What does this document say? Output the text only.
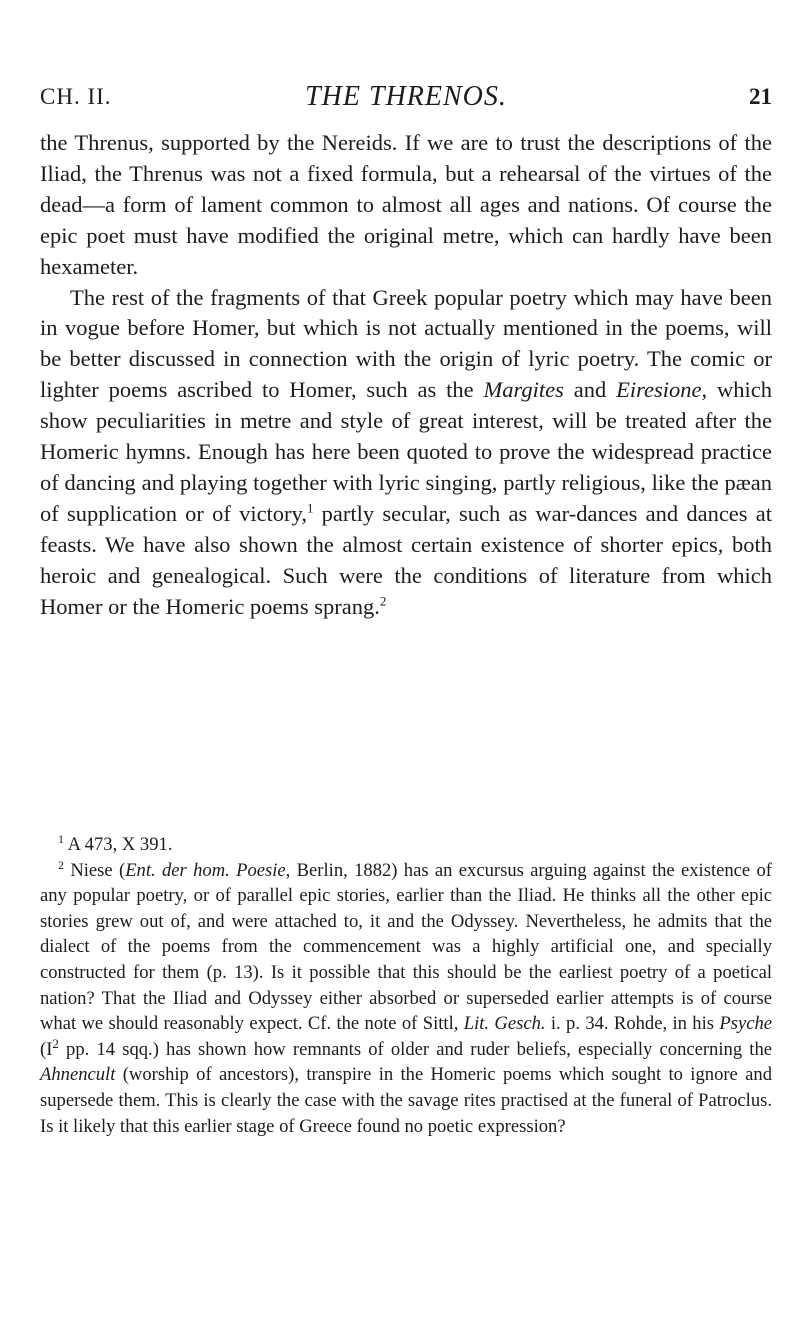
CH. II.	THE THRENOS.	21

the Threnus, supported by the Nereids. If we are to trust the descriptions of the Iliad, the Threnus was not a fixed formula, but a rehearsal of the virtues of the dead—a form of lament common to almost all ages and nations. Of course the epic poet must have modified the original metre, which can hardly have been hexameter.

The rest of the fragments of that Greek popular poetry which may have been in vogue before Homer, but which is not actually mentioned in the poems, will be better discussed in connection with the origin of lyric poetry. The comic or lighter poems ascribed to Homer, such as the Margites and Eiresione, which show peculiarities in metre and style of great interest, will be treated after the Homeric hymns. Enough has here been quoted to prove the widespread practice of dancing and playing together with lyric singing, partly religious, like the pæan of supplication or of victory,$^1$ partly secular, such as war-dances and dances at feasts. We have also shown the almost certain existence of shorter epics, both heroic and genealogical. Such were the conditions of literature from which Homer or the Homeric poems sprang.$^2$

$^1$ A 473, X 391.

$^2$ Niese (Ent. der hom. Poesie, Berlin, 1882) has an excursus arguing against the existence of any popular poetry, or of parallel epic stories, earlier than the Iliad. He thinks all the other epic stories grew out of, and were attached to, it and the Odyssey. Nevertheless, he admits that the dialect of the poems from the commencement was a highly artificial one, and specially constructed for them (p. 13). Is it possible that this should be the earliest poetry of a poetical nation? That the Iliad and Odyssey either absorbed or superseded earlier attempts is of course what we should reasonably expect. Cf. the note of Sittl, Lit. Gesch. i. p. 34. Rohde, in his Psyche ($I^2$ pp. 14 sqq.) has shown how remnants of older and ruder beliefs, especially concerning the Ahnencult (worship of ancestors), transpire in the Homeric poems which sought to ignore and supersede them. This is clearly the case with the savage rites practised at the funeral of Patroclus. Is it likely that this earlier stage of Greece found no poetic expression?
